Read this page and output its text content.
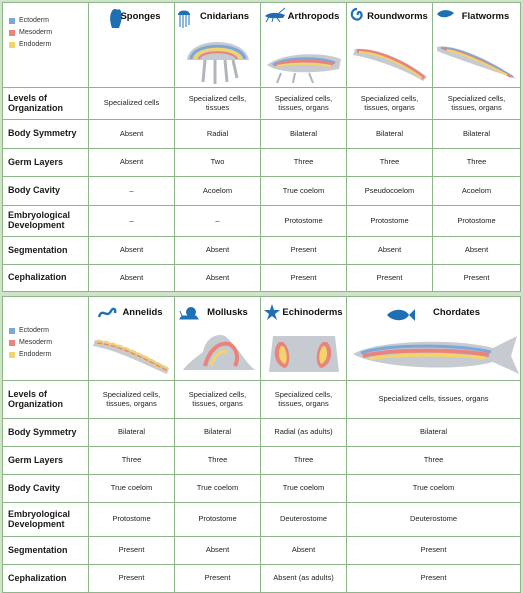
Ectoderm
Mesoderm
Endoderm	Sponges	Cnidarians	Arthropods	Roundworms	Flatworms

Levels of Organization	Specialized cells	Specialized cells, tissues	Specialized cells, tissues, organs	Specialized cells, tissues, organs	Specialized cells, tissues, organs
Body Symmetry	Absent	Radial	Bilateral	Bilateral	Bilateral
Germ Layers	Absent	Two	Three	Three	Three
Body Cavity	–	Acoelom	True coelom	Pseudocoelom	Acoelom
Embryological Development	–	–	Protostome	Protostome	Protostome
Segmentation	Absent	Absent	Present	Absent	Absent
Cephalization	Absent	Absent	Present	Present	Present
Ectoderm
Mesoderm
Endoderm	Annelids	Mollusks	Echinoderms	Chordates

Levels of Organization	Specialized cells, tissues, organs	Specialized cells, tissues, organs	Specialized cells, tissues, organs	Specialized cells, tissues, organs
Body Symmetry	Bilateral	Bilateral	Radial (as adults)	Bilateral
Germ Layers	Three	Three	Three	Three
Body Cavity	True coelom	True coelom	True coelom	True coelom
Embryological Development	Protostome	Protostome	Deuterostome	Deuterostome
Segmentation	Present	Absent	Absent	Present
Cephalization	Present	Present	Absent (as adults)	Present
